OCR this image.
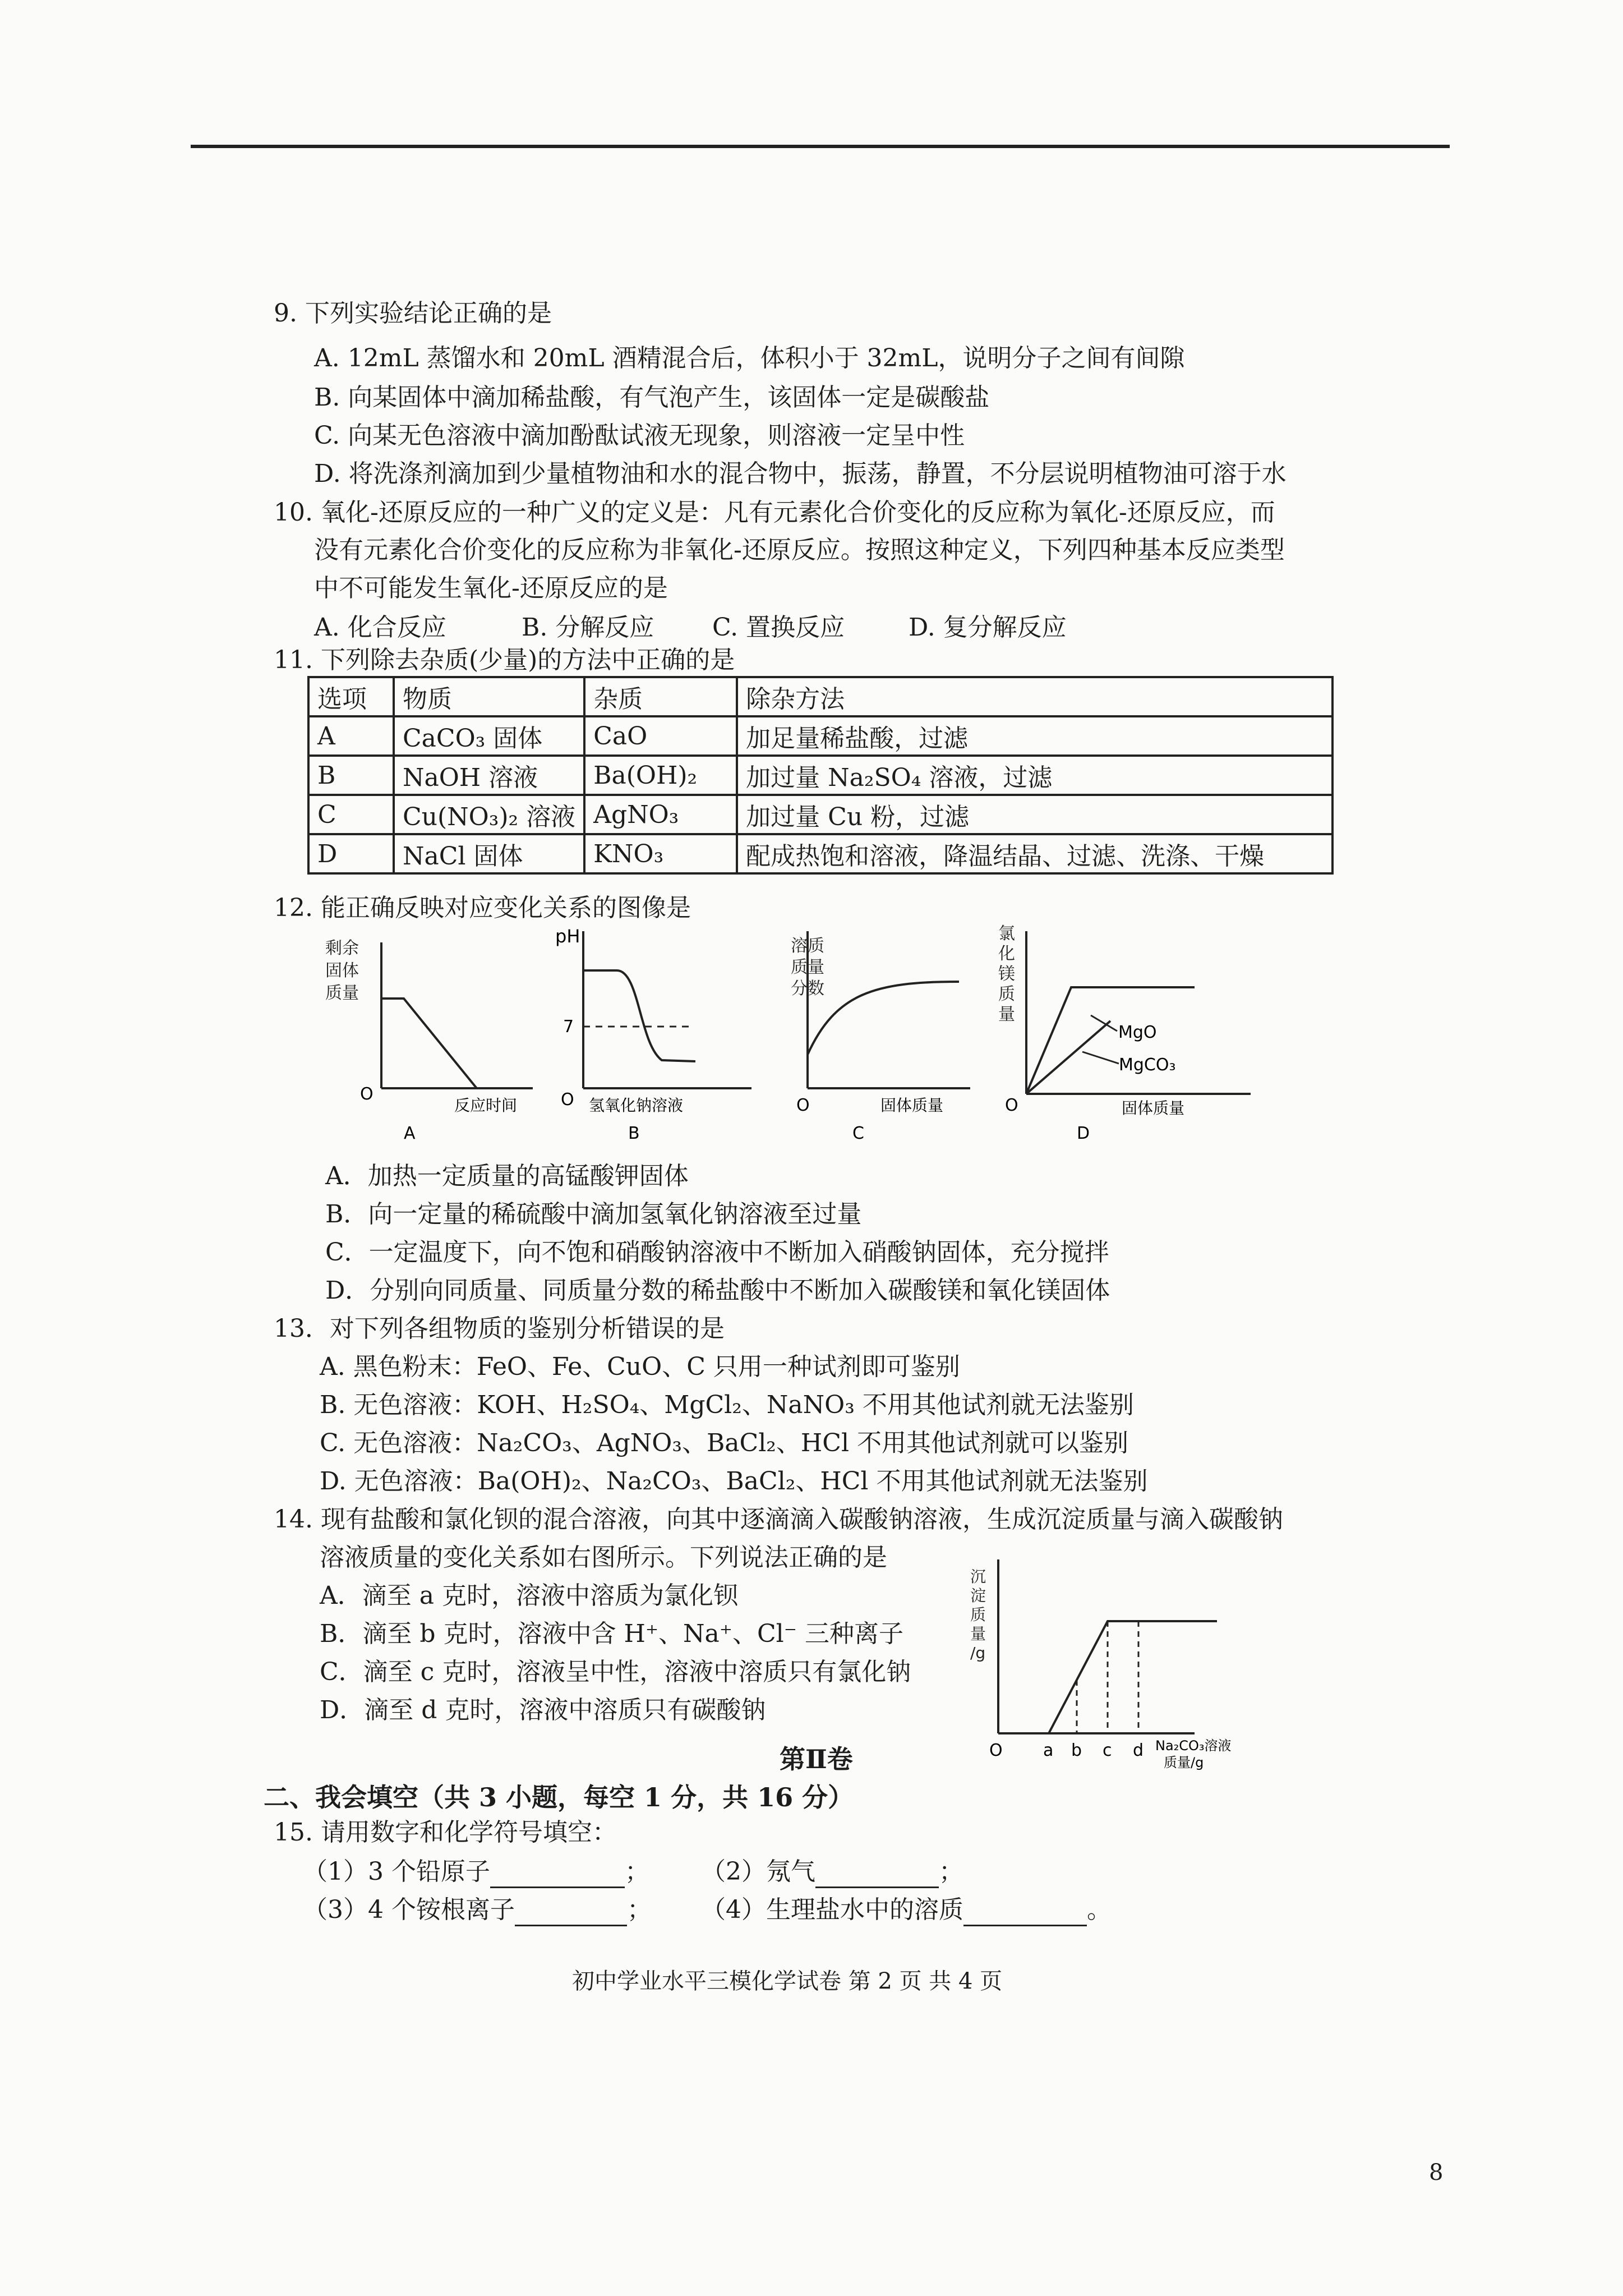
9. 下列实验结论正确的是
A. 12mL 蒸馏水和 20mL 酒精混合后，体积小于 32mL，说明分子之间有间隙
B. 向某固体中滴加稀盐酸，有气泡产生，该固体一定是碳酸盐
C. 向某无色溶液中滴加酚酞试液无现象，则溶液一定呈中性
D. 将洗涤剂滴加到少量植物油和水的混合物中，振荡，静置，不分层说明植物油可溶于水
10. 氧化-还原反应的一种广义的定义是：凡有元素化合价变化的反应称为氧化-还原反应，而
没有元素化合价变化的反应称为非氧化-还原反应。按照这种定义，下列四种基本反应类型
中不可能发生氧化-还原反应的是
A. 化合反应	B. 分解反应 C. 置换反应	D. 复分解反应
11. 下列除去杂质(少量)的方法中正确的是
选项	物质	杂质	除杂方法
A	CaCO₃ 固体	CaO	加足量稀盐酸，过滤
B	NaOH 溶液	Ba(OH)₂	加过量 Na₂SO₄ 溶液，过滤
C	Cu(NO₃)₂ 溶液	AgNO₃	加过量 Cu 粉，过滤
D	NaCl 固体	KNO₃	配成热饱和溶液，降温结晶、过滤、洗涤、干燥
12. 能正确反映对应变化关系的图像是
剩 余
固 体
质 量
O
反应时间
A
pH
7
O 氢氧化钠溶液
B
溶质
质量
分数
O	固体质量
C
氯
化
镁
质
量
MgO
MgCO₃
O	固体质量
D
A．加热一定质量的高锰酸钾固体
B．向一定量的稀硫酸中滴加氢氧化钠溶液至过量
C．一定温度下，向不饱和硝酸钠溶液中不断加入硝酸钠固体，充分搅拌
D．分别向同质量、同质量分数的稀盐酸中不断加入碳酸镁和氧化镁固体
13．对下列各组物质的鉴别分析错误的是
A. 黑色粉末：FeO、Fe、CuO、C 只用一种试剂即可鉴别
B. 无色溶液：KOH、H₂SO₄、MgCl₂、NaNO₃ 不用其他试剂就无法鉴别
C. 无色溶液：Na₂CO₃、AgNO₃、BaCl₂、HCl 不用其他试剂就可以鉴别
D. 无色溶液：Ba(OH)₂、Na₂CO₃、BaCl₂、HCl 不用其他试剂就无法鉴别
14. 现有盐酸和氯化钡的混合溶液，向其中逐滴滴入碳酸钠溶液，生成沉淀质量与滴入碳酸钠
溶液质量的变化关系如右图所示。下列说法正确的是
A．滴至 a 克时，溶液中溶质为氯化钡
B．滴至 b 克时，溶液中含 H⁺、Na⁺、Cl⁻ 三种离子
C．滴至 c 克时，溶液呈中性，溶液中溶质只有氯化钠
D．滴至 d 克时，溶液中溶质只有碳酸钠
沉
淀
质
量
/g
O a b c d Na₂CO₃溶液
质量/g
第Ⅱ卷
二、我会填空（共 3 小题，每空 1 分，共 16 分）
15. 请用数字和化学符号填空：
（1）3 个铅原子	； （2）氖气	；
（3）4 个铵根离子	； （4）生理盐水中的溶质	。
初中学业水平三模化学试卷 第 2 页 共 4 页
8
